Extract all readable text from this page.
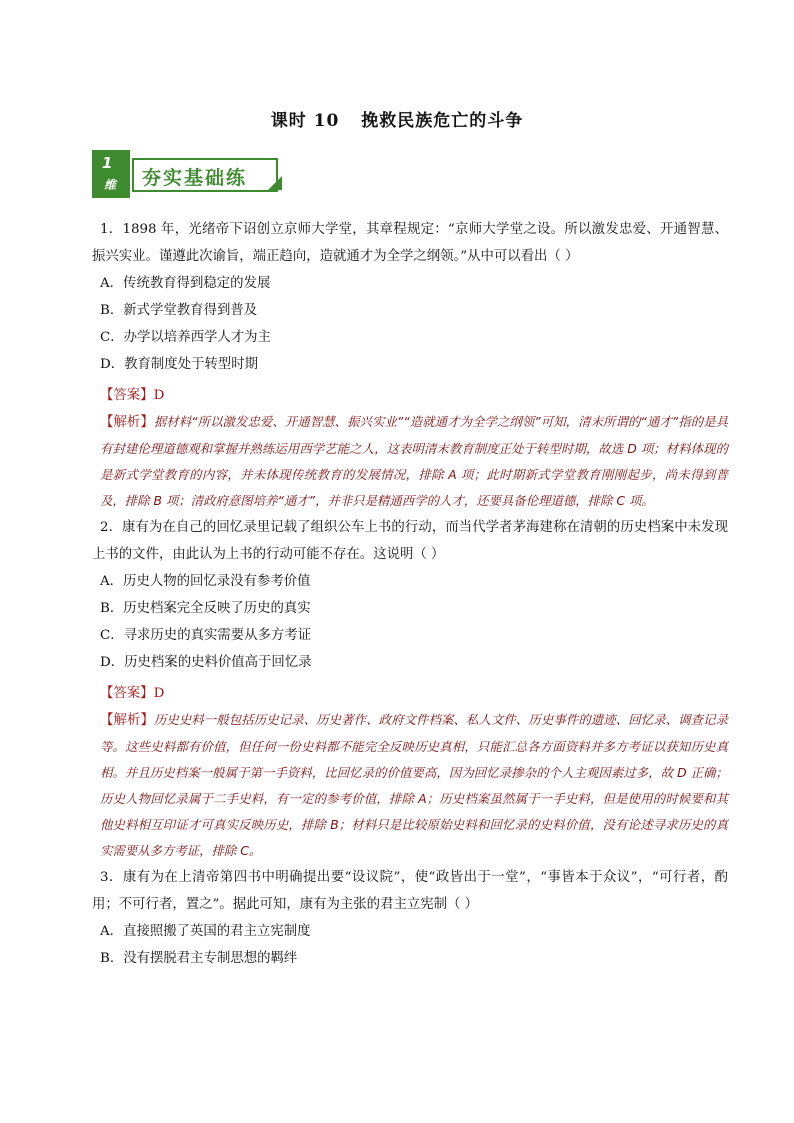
课时 10 挽救民族危亡的斗争
1
维 夯实基础练

1．1898 年，光绪帝下诏创立京师大学堂，其章程规定：“京师大学堂之设。所以激发忠爱、开通智慧、振兴实业。谨遵此次谕旨，端正趋向，造就通才为全学之纲领。”从中可以看出（ ）

A．传统教育得到稳定的发展

B．新式学堂教育得到普及

C．办学以培养西学人才为主

D．教育制度处于转型时期

【答案】D

【解析】据材料“所以激发忠爱、开通智慧、振兴实业”“造就通才为全学之纲领”可知，清末所谓的“通才”指的是具有封建伦理道德观和掌握并熟练运用西学艺能之人，这表明清末教育制度正处于转型时期，故选 D 项；材料体现的是新式学堂教育的内容，并未体现传统教育的发展情况，排除 A 项；此时期新式学堂教育刚刚起步，尚未得到普及，排除 B 项；清政府意图培养“通才”，并非只是精通西学的人才，还要具备伦理道德，排除 C 项。

2．康有为在自己的回忆录里记载了组织公车上书的行动，而当代学者茅海建称在清朝的历史档案中未发现上书的文件，由此认为上书的行动可能不存在。这说明（ ）

A．历史人物的回忆录没有参考价值

B．历史档案完全反映了历史的真实

C．寻求历史的真实需要从多方考证

D．历史档案的史料价值高于回忆录

【答案】D

【解析】历史史料一般包括历史记录、历史著作、政府文件档案、私人文件、历史事件的遗迹、回忆录、调查记录等。这些史料都有价值，但任何一份史料都不能完全反映历史真相，只能汇总各方面资料并多方考证以获知历史真相。并且历史档案一般属于第一手资料，比回忆录的价值要高，因为回忆录掺杂的个人主观因素过多，故 D 正确；历史人物回忆录属于二手史料，有一定的参考价值，排除 A；历史档案虽然属于一手史料，但是使用的时候要和其他史料相互印证才可真实反映历史，排除 B；材料只是比较原始史料和回忆录的史料价值，没有论述寻求历史的真实需要从多方考证，排除 C。

3．康有为在上清帝第四书中明确提出要“设议院”，使“政皆出于一堂”，“事皆本于众议”，“可行者，酌用；不可行者，置之”。据此可知，康有为主张的君主立宪制（ ）

A．直接照搬了英国的君主立宪制度

B．没有摆脱君主专制思想的羁绊
